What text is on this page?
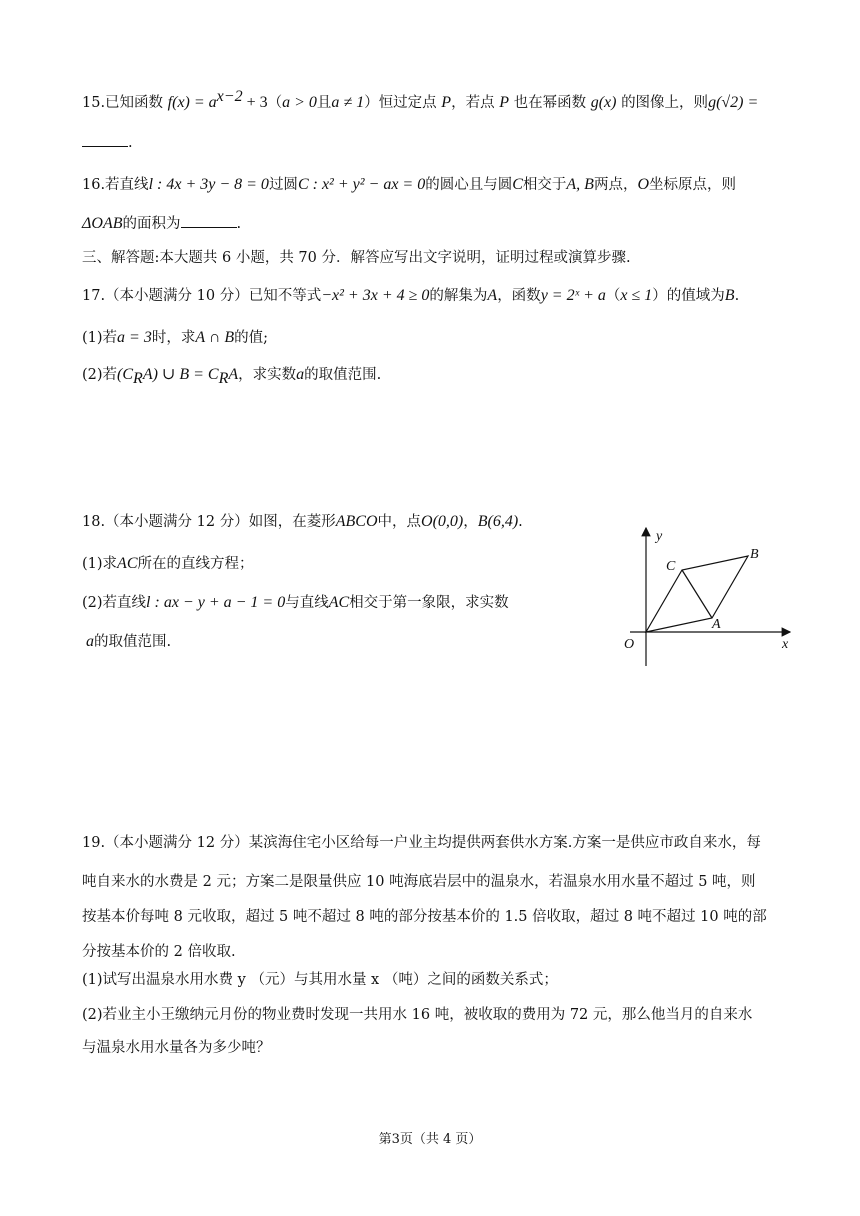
15.已知函数 $f(x) = a^{x-2} + 3(a > 0$且a ≠ 1）恒过定点 P，若点 P 也在幂函数 g(x) 的图像上，则g(√2) =
.
16.若直线l : 4x + 3y − 8 = 0过圆C : x² + y² − ax = 0的圆心且与圆C相交于A, B两点，O坐标原点，则
ΔOAB的面积为	.
三、解答题:本大题共 6 小题，共 70 分．解答应写出文字说明，证明过程或演算步骤.
17.（本小题满分 10 分）已知不等式−x² + 3x + 4 ≥ 0的解集为A，函数y = 2ˣ + a（x ≤ 1）的值域为B.
(1)若a = 3时，求A ∩ B的值;
(2)若$(C_RA)$ ∪ $B = C_RA$，求实数a的取值范围.
18.（本小题满分 12 分）如图，在菱形ABCO中，点O(0,0)，B(6,4).
(1)求AC所在的直线方程；
(2)若直线l : ax − y + a − 1 = 0与直线AC相交于第一象限，求实数
a的取值范围.
y
x
O
A
B
C
19.（本小题满分 12 分）某滨海住宅小区给每一户业主均提供两套供水方案.方案一是供应市政自来水，每
吨自来水的水费是 2 元；方案二是限量供应 10 吨海底岩层中的温泉水，若温泉水用水量不超过 5 吨，则
按基本价每吨 8 元收取，超过 5 吨不超过 8 吨的部分按基本价的 1.5 倍收取，超过 8 吨不超过 10 吨的部
分按基本价的 2 倍收取.
(1)试写出温泉水用水费 y （元）与其用水量 x （吨）之间的函数关系式；
(2)若业主小王缴纳元月份的物业费时发现一共用水 16 吨，被收取的费用为 72 元，那么他当月的自来水
与温泉水用水量各为多少吨？
第3页（共 4 页）
